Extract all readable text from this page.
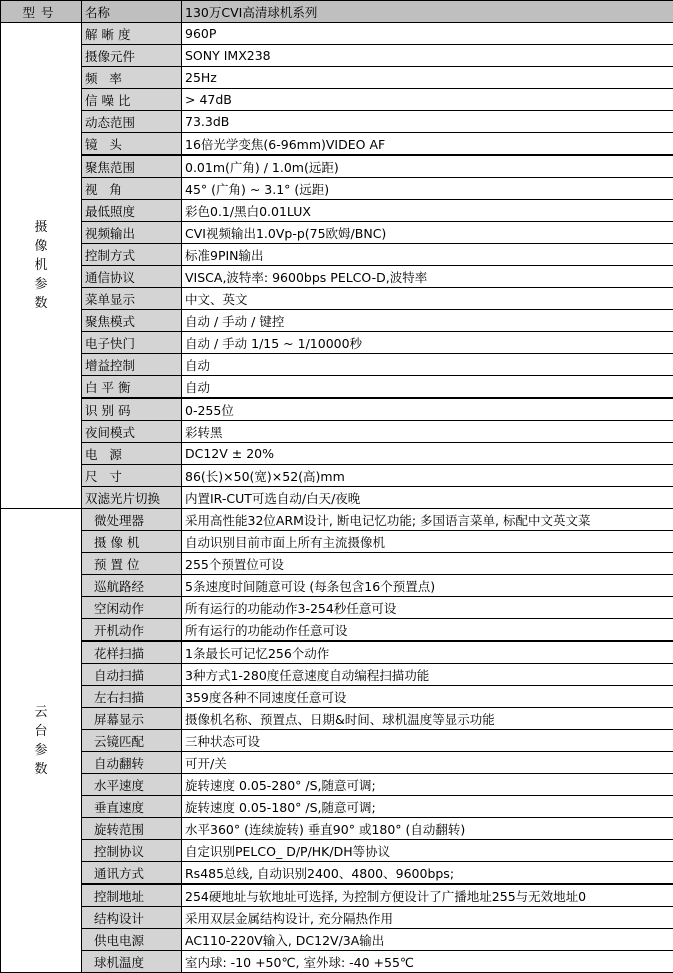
型号	名称	130万CVI高清球机系列
摄像机参数	解 晰 度	960P
	摄像元件	SONY IMX238
	频   率	25Hz
	信 噪 比	> 47dB
	动态范围	73.3dB
	镜   头	16倍光学变焦(6-96mm)VIDEO AF
	聚焦范围	0.01m(广角) / 1.0m(远距)
	视   角	45° (广角) ~ 3.1° (远距)
	最低照度	彩色0.1/黑白0.01LUX
	视频输出	CVI视频输出1.0Vp-p(75欧姆/BNC)
	控制方式	标准9PIN输出
	通信协议	VISCA,波特率: 9600bps PELCO-D,波特率
	菜单显示	中文、英文
	聚焦模式	自动 / 手动 / 键控
	电子快门	自动 / 手动 1/15 ~ 1/10000秒
	增益控制	自动
	白 平 衡	自动
	识 别 码	0-255位
	夜间模式	彩转黑
	电   源	DC12V ± 20%
	尺   寸	86(长)×50(宽)×52(高)mm
	双滤光片切换	内置IR-CUT可选自动/白天/夜晚
云台参数	微处理器	采用高性能32位ARM设计, 断电记忆功能; 多国语言菜单, 标配中文英文菜
	摄 像 机	自动识别目前市面上所有主流摄像机
	预 置 位	255个预置位可设
	巡航路经	5条速度时间随意可设 (每条包含16个预置点)
	空闲动作	所有运行的功能动作3-254秒任意可设
	开机动作	所有运行的功能动作任意可设
	花样扫描	1条最长可记忆256个动作
	自动扫描	3种方式1-280度任意速度自动编程扫描功能
	左右扫描	359度各种不同速度任意可设
	屏幕显示	摄像机名称、预置点、日期&时间、球机温度等显示功能
	云镜匹配	三种状态可设
	自动翻转	可开/关
	水平速度	旋转速度 0.05-280° /S,随意可调;
	垂直速度	旋转速度 0.05-180° /S,随意可调;
	旋转范围	水平360° (连续旋转) 垂直90° 或180° (自动翻转)
	控制协议	自定识别PELCO_ D/P/HK/DH等协议
	通讯方式	Rs485总线, 自动识别2400、4800、9600bps;
	控制地址	254硬地址与软地址可选择, 为控制方便设计了广播地址255与无效地址0
	结构设计	采用双层金属结构设计, 充分隔热作用
	供电电源	AC110-220V输入, DC12V/3A输出
	球机温度	室内球: -10 +50℃, 室外球: -40 +55℃
